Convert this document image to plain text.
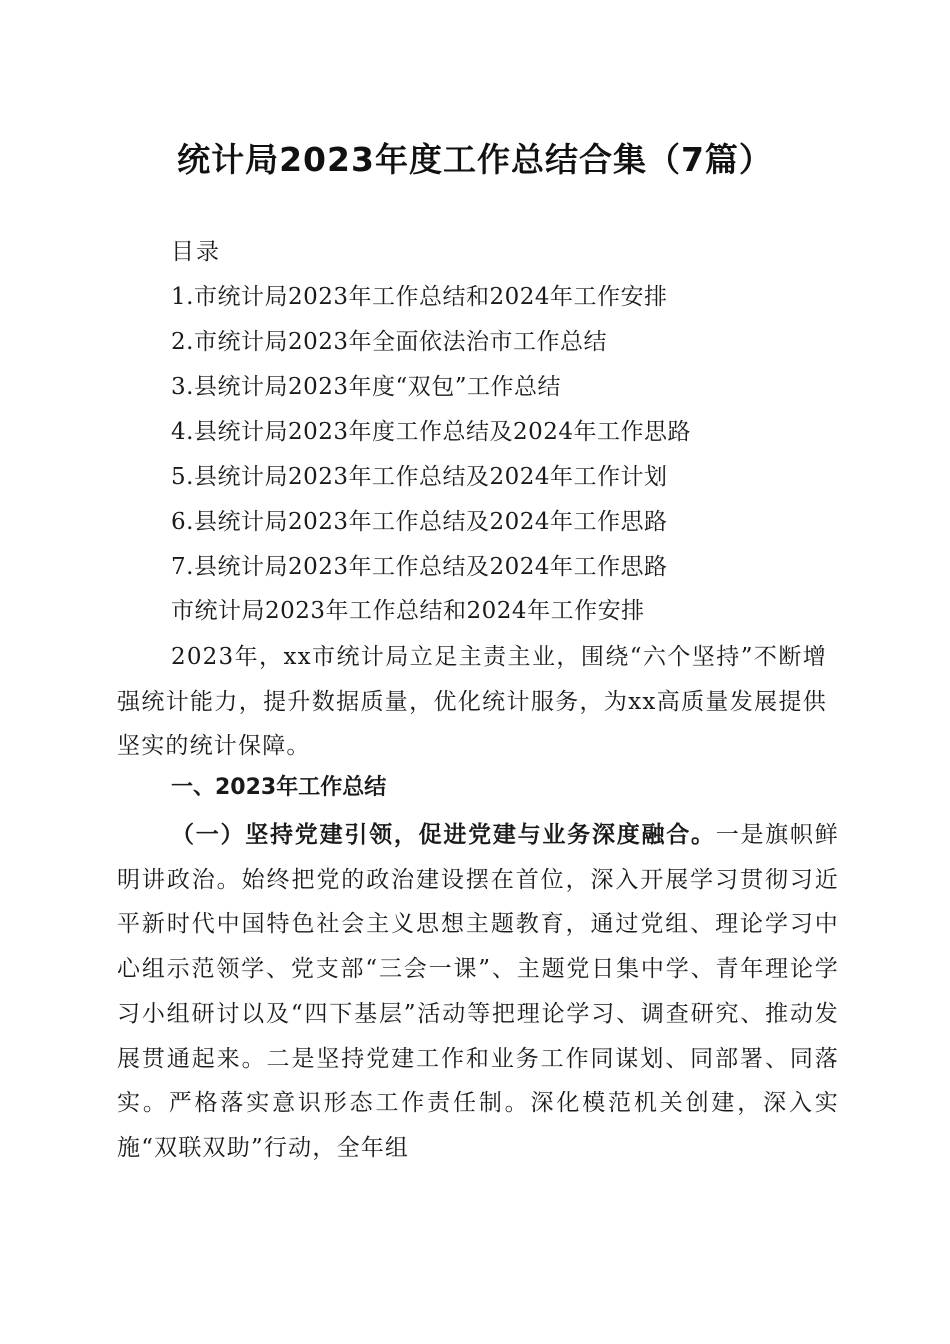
统计局2023年度工作总结合集（7篇）
目录
1.市统计局2023年工作总结和2024年工作安排
2.市统计局2023年全面依法治市工作总结
3.县统计局2023年度“双包”工作总结
4.县统计局2023年度工作总结及2024年工作思路
5.县统计局2023年工作总结及2024年工作计划
6.县统计局2023年工作总结及2024年工作思路
7.县统计局2023年工作总结及2024年工作思路
市统计局2023年工作总结和2024年工作安排

2023年，xx市统计局立足主责主业，围绕“六个坚持”不断增强统计能力，提升数据质量，优化统计服务，为xx高质量发展提供坚实的统计保障。

一、2023年工作总结

（一）坚持党建引领，促进党建与业务深度融合。一是旗帜鲜明讲政治。始终把党的政治建设摆在首位，深入开展学习贯彻习近平新时代中国特色社会主义思想主题教育，通过党组、理论学习中心组示范领学、党支部“三会一课”、主题党日集中学、青年理论学习小组研讨以及“四下基层”活动等把理论学习、调查研究、推动发展贯通起来。二是坚持党建工作和业务工作同谋划、同部署、同落实。严格落实意识形态工作责任制。深化模范机关创建，深入实施“双联双助”行动，全年组
